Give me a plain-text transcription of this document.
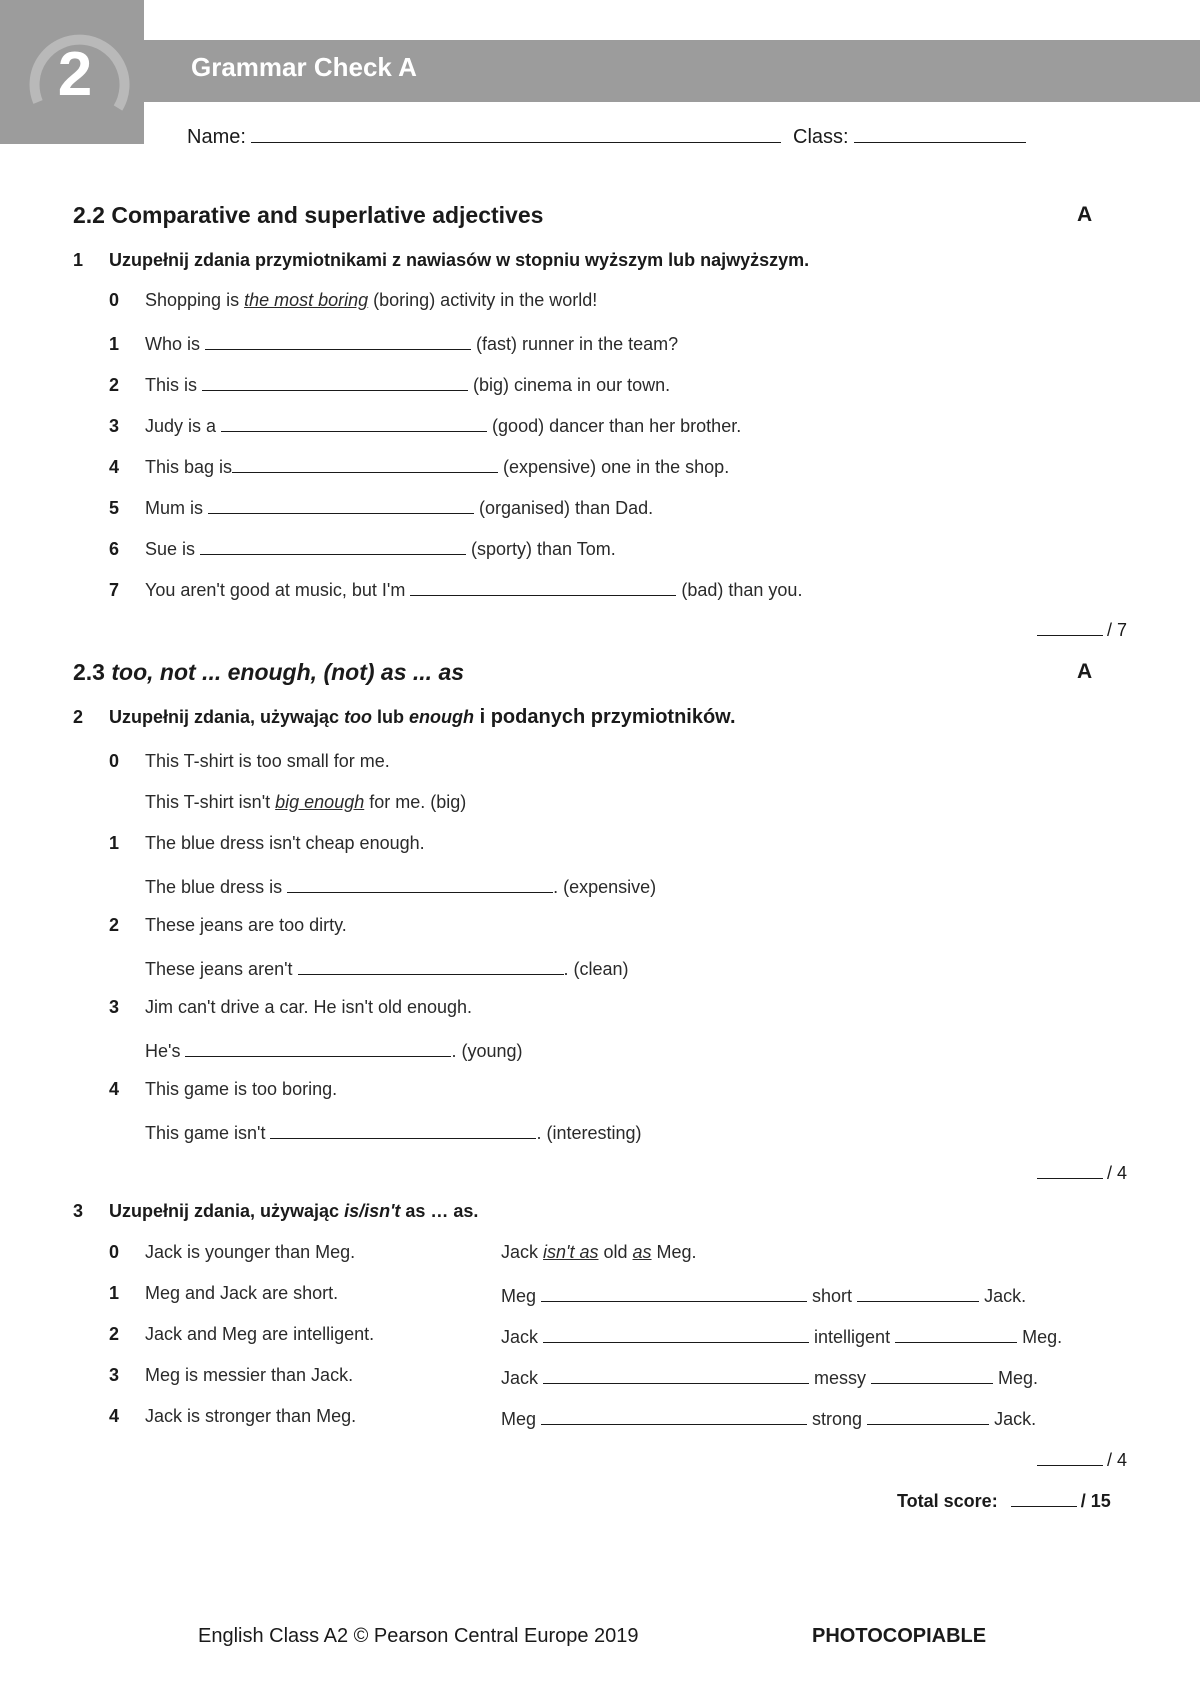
2	Grammar Check A
Name:	Class:
2.2 Comparative and superlative adjectives	A
1 Uzupełnij zdania przymiotnikami z nawiasów w stopniu wyższym lub najwyższym.
0 Shopping is the most boring (boring) activity in the world!
1 Who is	(fast) runner in the team?
2 This is	(big) cinema in our town.
3 Judy is a	(good) dancer than her brother.
4 This bag is	(expensive) one in the shop.
5 Mum is	(organised) than Dad.
6 Sue is	(sporty) than Tom.
7 You aren't good at music, but I'm	(bad) than you.
/ 7
2.3 too, not ... enough, (not) as ... as	A
2 Uzupełnij zdania, używając too lub enough i podanych przymiotników.
0 This T-shirt is too small for me.
This T-shirt isn't big enough for me. (big)
1 The blue dress isn't cheap enough.
The blue dress is	. (expensive)
2 These jeans are too dirty.
These jeans aren't	. (clean)
3 Jim can't drive a car. He isn't old enough.
He's	. (young)
4 This game is too boring.
This game isn't	. (interesting)
/ 4
3 Uzupełnij zdania, używając is/isn't as … as.
0 Jack is younger than Meg.	Jack isn't as old as Meg.
1 Meg and Jack are short.	Meg	short	Jack.
2 Jack and Meg are intelligent.	Jack	intelligent	Meg.
3 Meg is messier than Jack.	Jack	messy	Meg.
4 Jack is stronger than Meg.	Meg	strong	Jack.
/ 4
Total score:	/ 15
English Class A2 © Pearson Central Europe 2019	PHOTOCOPIABLE
